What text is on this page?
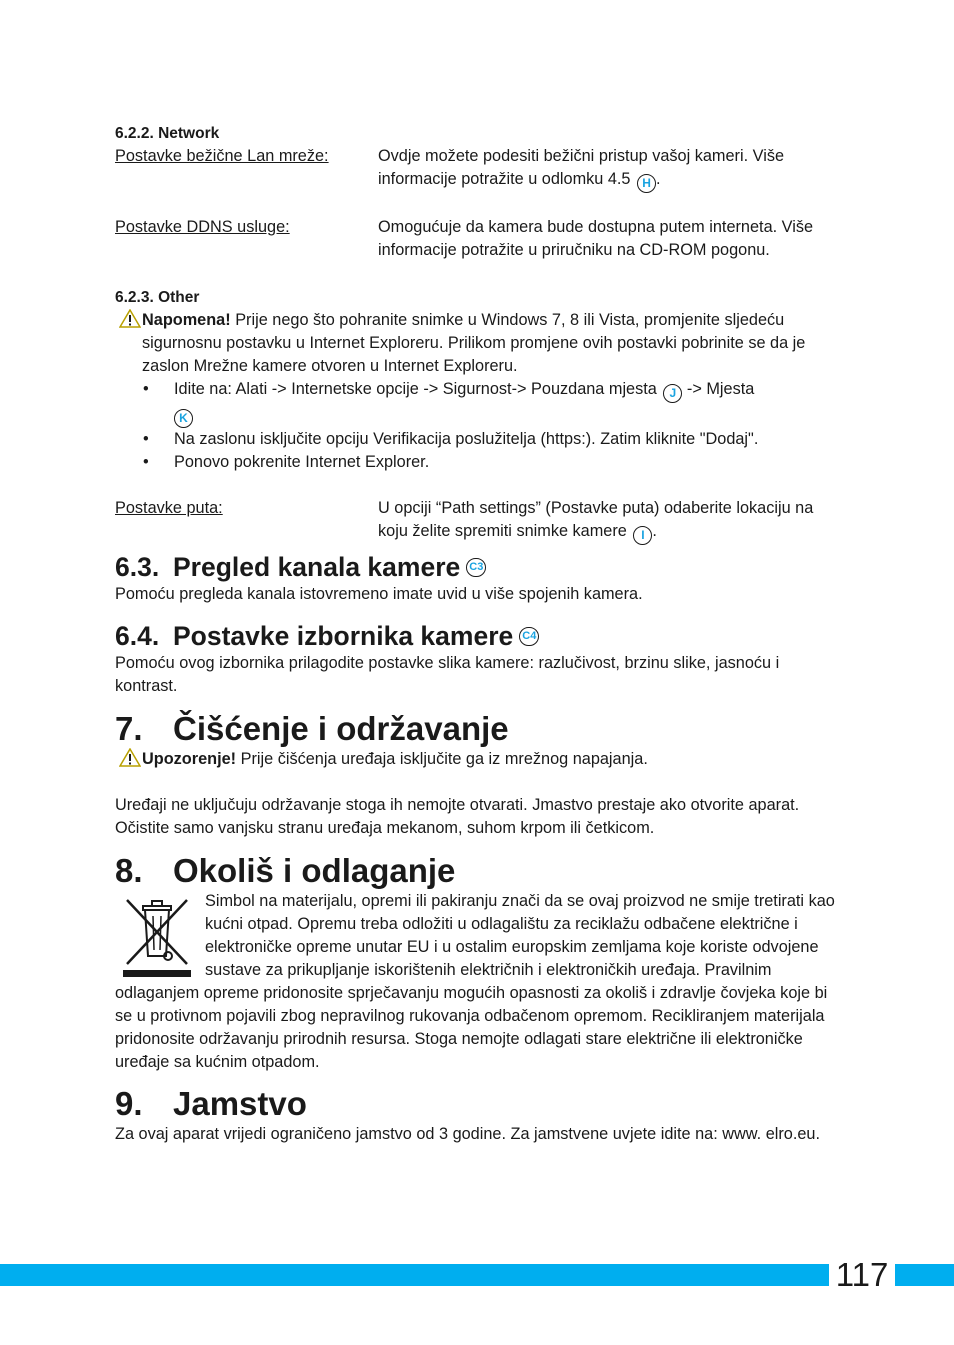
6.2.2. Network

Postavke bežične Lan mreže:	Ovdje možete podesiti bežični pristup vašoj kameri. Više informacije potražite u odlomku 4.5 H .
Postavke DDNS usluge:	Omogućuje da kamera bude dostupna putem interneta. Više informacije potražite u priručniku na CD-ROM pogonu.

6.2.3. Other

Napomena! Prije nego što pohranite snimke u Windows 7, 8 ili Vista, promjenite sljedeću sigurnosnu postavku u Internet Exploreru. Prilikom promjene ovih postavki pobrinite se da je zaslon Mrežne kamere otvoren u Internet Exploreru.
• Idite na: Alati -> Internetske opcije -> Sigurnost-> Pouzdana mjesta J -> Mjesta
K
• Na zaslonu isključite opciju Verifikacija poslužitelja (https:). Zatim kliknite "Dodaj".
• Ponovo pokrenite Internet Explorer.
Postavke puta:	U opciji “Path settings” (Postavke puta) odaberite lokaciju na koju želite spremiti snimke kamere I .
6.3. Pregled kanala kamere C3

Pomoću pregleda kanala istovremeno imate uvid u više spojenih kamera.

6.4. Postavke izbornika kamere C4

Pomoću ovog izbornika prilagodite postavke slika kamere: razlučivost, brzinu slike, jasnoću i kontrast.

7. Čišćenje i održavanje
Upozorenje! Prije čišćenja uređaja isključite ga iz mrežnog napajanja.

Uređaji ne uključuju održavanje stoga ih nemojte otvarati. Jmastvo prestaje ako otvorite aparat. Očistite samo vanjsku stranu uređaja mekanom, suhom krpom ili četkicom.

8. Okoliš i odlaganje

Simbol na materijalu, opremi ili pakiranju znači da se ovaj proizvod ne smije tretirati kao kućni otpad. Opremu treba odložiti u odlagalištu za reciklažu odbačene električne i elektroničke opreme unutar EU i u ostalim europskim zemljama koje koriste odvojene sustave za prikupljanje iskorištenih električnih i elektroničkih uređaja. Pravilnim odlaganjem opreme pridonosite sprječavanju mogućih opasnosti za okoliš i zdravlje čovjeka koje bi se u protivnom pojavili zbog nepravilnog rukovanja odbačenom opremom. Recikliranjem materijala pridonosite održavanju prirodnih resursa. Stoga nemojte odlagati stare električne ili elektroničke uređaje sa kućnim otpadom.

9. Jamstvo

Za ovaj aparat vrijedi ograničeno jamstvo od 3 godine. Za jamstvene uvjete idite na: www. elro.eu.

117
